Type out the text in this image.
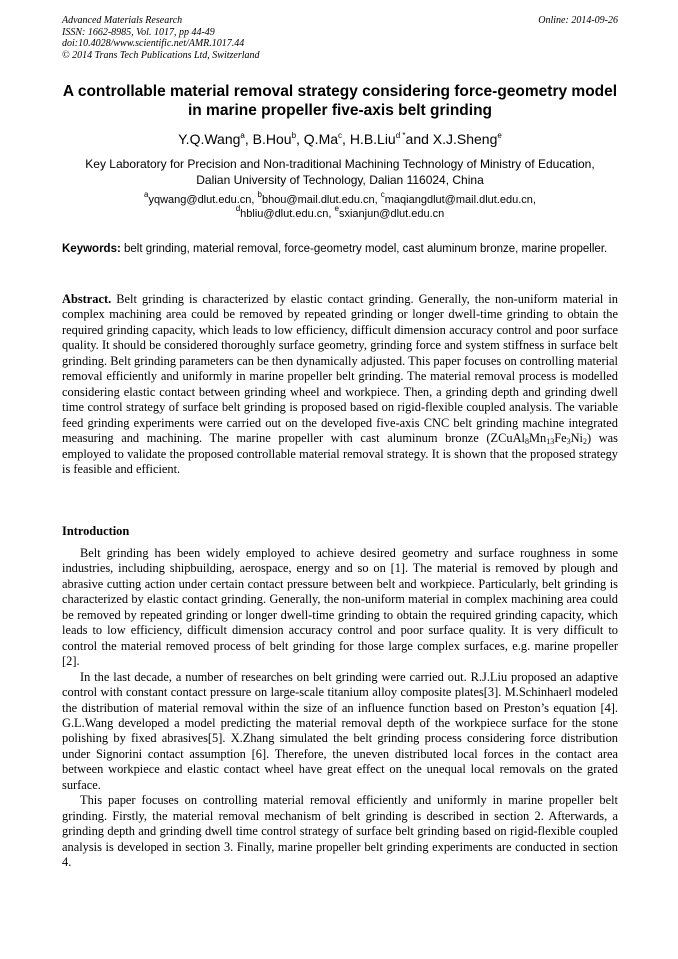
Advanced Materials Research
ISSN: 1662-8985, Vol. 1017, pp 44-49
doi:10.4028/www.scientific.net/AMR.1017.44
© 2014 Trans Tech Publications Ltd, Switzerland
Online: 2014-09-26
A controllable material removal strategy considering force-geometry model in marine propeller five-axis belt grinding
Y.Q.Wang$^a$, B.Hou$^b$, Q.Ma$^c$, H.B.Liu$^{d *}$and X.J.Sheng$^e$
Key Laboratory for Precision and Non-traditional Machining Technology of Ministry of Education,
Dalian University of Technology, Dalian 116024, China
$^a$yqwang@dlut.edu.cn, $^b$bhou@mail.dlut.edu.cn, $^c$maqiangdlut@mail.dlut.edu.cn,
$^d$hbliu@dlut.edu.cn, $^e$sxianjun@dlut.edu.cn
Keywords: belt grinding, material removal, force-geometry model, cast aluminum bronze, marine propeller.
Abstract. Belt grinding is characterized by elastic contact grinding. Generally, the non-uniform material in complex machining area could be removed by repeated grinding or longer dwell-time grinding to obtain the required grinding capacity, which leads to low efficiency, difficult dimension accuracy control and poor surface quality. It should be considered thoroughly surface geometry, grinding force and system stiffness in surface belt grinding. Belt grinding parameters can be then dynamically adjusted. This paper focuses on controlling material removal efficiently and uniformly in marine propeller belt grinding. The material removal process is modelled considering elastic contact between grinding wheel and workpiece. Then, a grinding depth and grinding dwell time control strategy of surface belt grinding is proposed based on rigid-flexible coupled analysis. The variable feed grinding experiments were carried out on the developed five-axis CNC belt grinding machine integrated measuring and machining. The marine propeller with cast aluminum bronze $(ZCuAl_8Mn_{13}Fe_3Ni_2)$ was employed to validate the proposed controllable material removal strategy. It is shown that the proposed strategy is feasible and efficient.
Introduction

Belt grinding has been widely employed to achieve desired geometry and surface roughness in some industries, including shipbuilding, aerospace, energy and so on [1]. The material is removed by plough and abrasive cutting action under certain contact pressure between belt and workpiece. Particularly, belt grinding is characterized by elastic contact grinding. Generally, the non-uniform material in complex machining area could be removed by repeated grinding or longer dwell-time grinding to obtain the required grinding capacity, which leads to low efficiency, difficult dimension accuracy control and poor surface quality. It is very difficult to control the material removed process of belt grinding for those large complex surfaces, e.g. marine propeller [2].

In the last decade, a number of researches on belt grinding were carried out. R.J.Liu proposed an adaptive control with constant contact pressure on large-scale titanium alloy composite plates[3]. M.Schinhaerl modeled the distribution of material removal within the size of an influence function based on Preston’s equation [4]. G.L.Wang developed a model predicting the material removal depth of the workpiece surface for the stone polishing by fixed abrasives[5]. X.Zhang simulated the belt grinding process considering force distribution under Signorini contact assumption [6]. Therefore, the uneven distributed local forces in the contact area between workpiece and elastic contact wheel have great effect on the unequal local removals on the grated surface.

This paper focuses on controlling material removal efficiently and uniformly in marine propeller belt grinding. Firstly, the material removal mechanism of belt grinding is described in section 2. Afterwards, a grinding depth and grinding dwell time control strategy of surface belt grinding based on rigid-flexible coupled analysis is developed in section 3. Finally, marine propeller belt grinding experiments are conducted in section 4.
